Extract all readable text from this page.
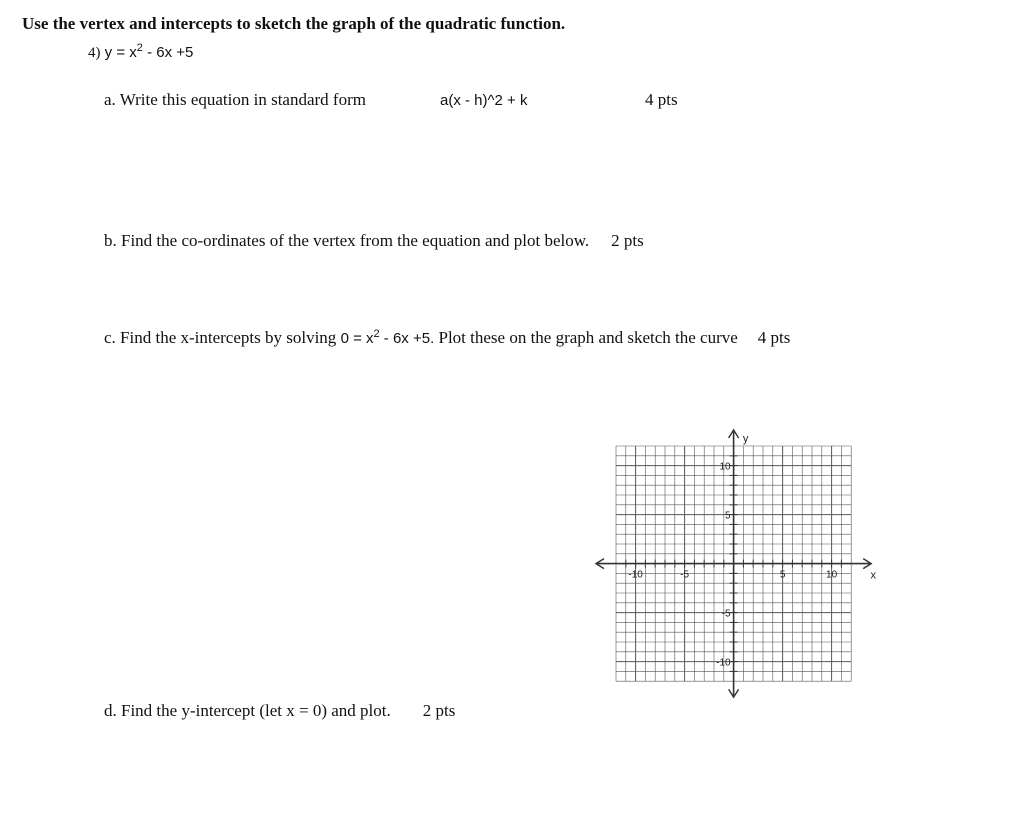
Use the vertex and intercepts to sketch the graph of the quadratic function.
4) $y = x^2 - 6x +5$
a. Write this equation in standard form	a(x - h)^2 + k	4 pts
b. Find the co-ordinates of the vertex from the equation and plot below. 2 pts
c. Find the x-intercepts by solving $0 = x^2 - 6x +5$. Plot these on the graph and sketch the curve 4 pts
d. Find the y-intercept (let x = 0) and plot. 2 pts
-10	-5	5	10
10
5
-5
-10
x
y
